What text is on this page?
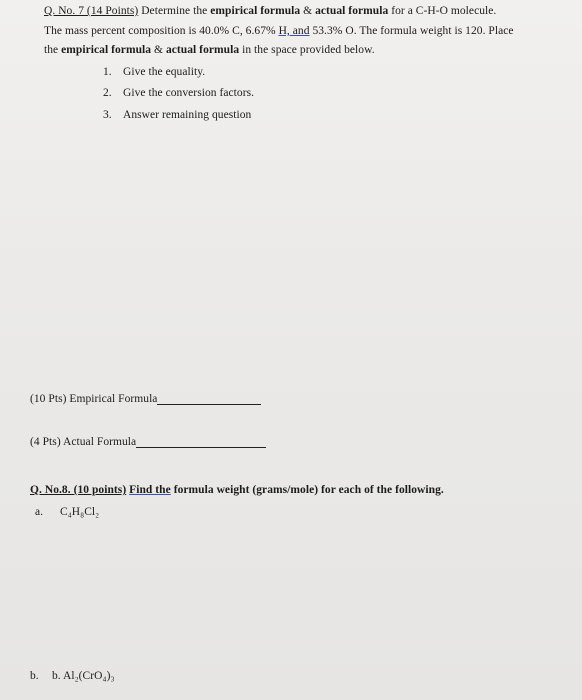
Q. No. 7 (14 Points) Determine the empirical formula & actual formula for a C-H-O molecule.
The mass percent composition is 40.0% C, 6.67% H, and 53.3% O. The formula weight is 120. Place
the empirical formula & actual formula in the space provided below.
1. Give the equality.
2. Give the conversion factors.
3. Answer remaining question
(10 Pts) Empirical Formula
(4 Pts) Actual Formula
Q. No.8. (10 points) Find the formula weight (grams/mole) for each of the following.
a. C₄H₈Cl₂
b. b. Al₂(CrO₄)₃
